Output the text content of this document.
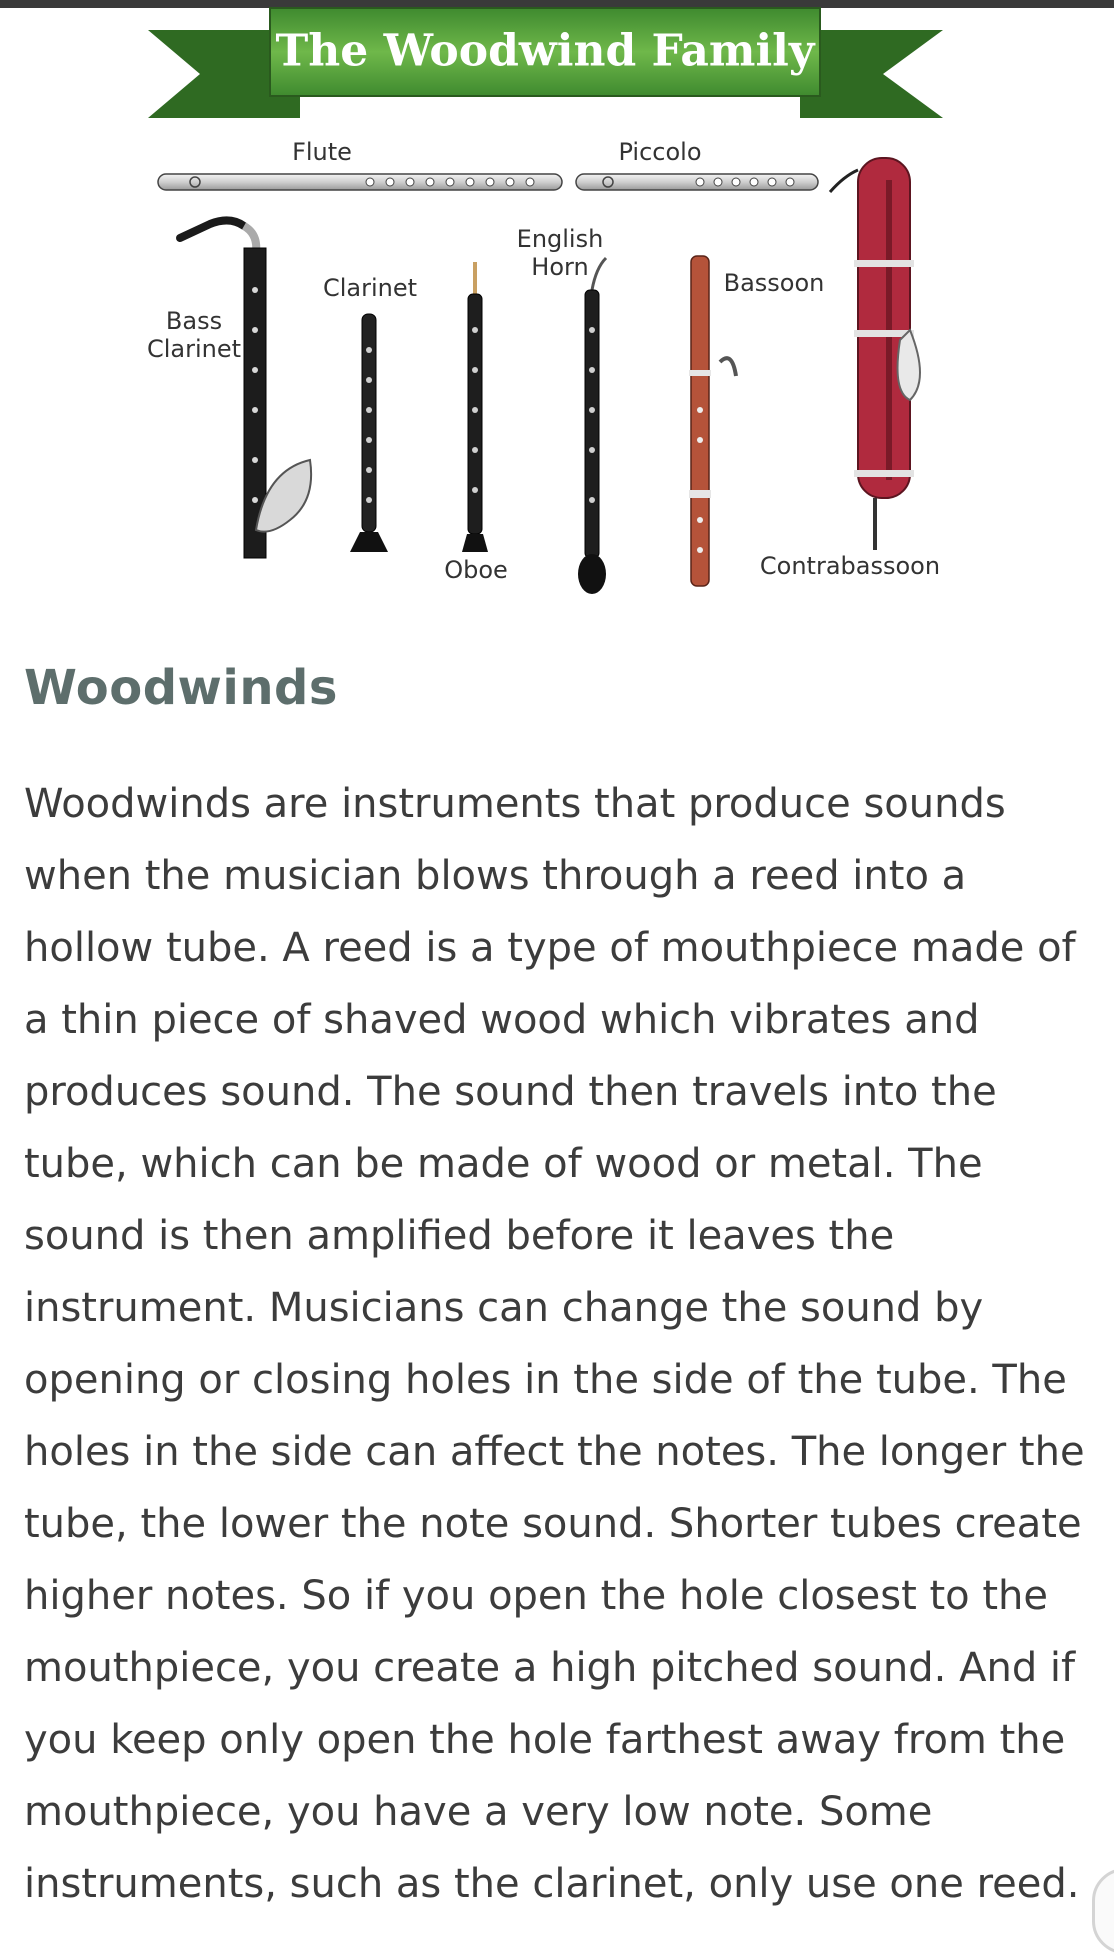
The Woodwind Family
Flute	Piccolo
Bass
Clarinet
Clarinet
Oboe
English
Horn
Bassoon
Contrabassoon
Woodwinds

Woodwinds are instruments that produce sounds
when the musician blows through a reed into a
hollow tube. A reed is a type of mouthpiece made of
a thin piece of shaved wood which vibrates and
produces sound. The sound then travels into the
tube, which can be made of wood or metal. The
sound is then amplified before it leaves the
instrument. Musicians can change the sound by
opening or closing holes in the side of the tube. The
holes in the side can affect the notes. The longer the
tube, the lower the note sound. Shorter tubes create
higher notes. So if you open the hole closest to the
mouthpiece, you create a high pitched sound. And if
you keep only open the hole farthest away from the
mouthpiece, you have a very low note. Some
instruments, such as the clarinet, only use one reed.
